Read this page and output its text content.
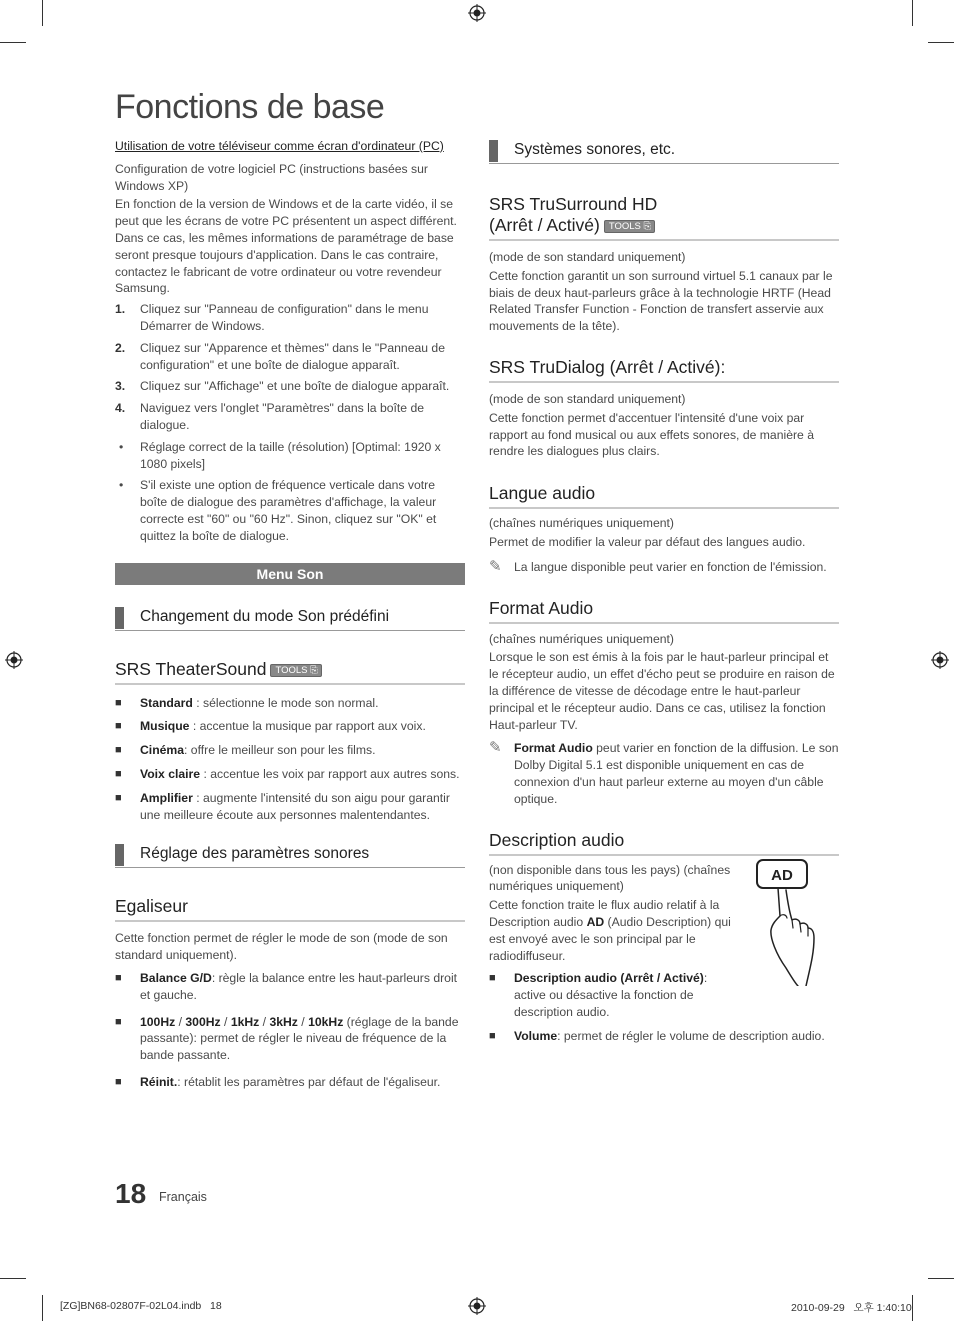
Fonctions de base
Utilisation de votre téléviseur comme écran d'ordinateur (PC)

Configuration de votre logiciel PC (instructions basées sur Windows XP)

En fonction de la version de Windows et de la carte vidéo, il se peut que les écrans de votre PC présentent un aspect différent. Dans ce cas, les mêmes informations de paramétrage de base seront presque toujours d'application. Dans le cas contraire, contactez le fabricant de votre ordinateur ou votre revendeur Samsung.

1.	Cliquez sur "Panneau de configuration" dans le menu Démarrer de Windows.
2.	Cliquez sur "Apparence et thèmes" dans le "Panneau de configuration" et une boîte de dialogue apparaît.
3.	Cliquez sur "Affichage" et une boîte de dialogue apparaît.
4.	Naviguez vers l'onglet "Paramètres" dans la boîte de dialogue.
•	Réglage correct de la taille (résolution) [Optimal: 1920 x 1080 pixels]
•	S'il existe une option de fréquence verticale dans votre boîte de dialogue des paramètres d'affichage, la valeur correcte est "60" ou "60 Hz". Sinon, cliquez sur "OK" et quittez la boîte de dialogue.
Menu Son
Changement du mode Son prédéfini
SRS TheaterSound TOOLS ⎘
■	Standard : sélectionne le mode son normal.
■	Musique : accentue la musique par rapport aux voix.
■	Cinéma: offre le meilleur son pour les films.
■	Voix claire : accentue les voix par rapport aux autres sons.
■	Amplifier : augmente l'intensité du son aigu pour garantir une meilleure écoute aux personnes malentendantes.
Réglage des paramètres sonores
Egaliseur

Cette fonction permet de régler le mode de son (mode de son standard uniquement).

■	Balance G/D: règle la balance entre les haut-parleurs droit et gauche.
■	100Hz / 300Hz / 1kHz / 3kHz / 10kHz (réglage de la bande passante): permet de régler le niveau de fréquence de la bande passante.
■	Réinit.: rétablit les paramètres par défaut de l'égaliseur.
Systèmes sonores, etc.
SRS TruSurround HD
(Arrêt / Activé) TOOLS ⎘

(mode de son standard uniquement)

Cette fonction garantit un son surround virtuel 5.1 canaux par le biais de deux haut-parleurs grâce à la technologie HRTF (Head Related Transfer Function - Fonction de transfert asservie aux mouvements de la tête).

SRS TruDialog (Arrêt / Activé):

(mode de son standard uniquement)

Cette fonction permet d'accentuer l'intensité d'une voix par rapport au fond musical ou aux effets sonores, de manière à rendre les dialogues plus clairs.

Langue audio

(chaînes numériques uniquement)

Permet de modifier la valeur par défaut des langues audio.

✎	La langue disponible peut varier en fonction de l'émission.
Format Audio

(chaînes numériques uniquement)

Lorsque le son est émis à la fois par le haut-parleur principal et le récepteur audio, un effet d'écho peut se produire en raison de la différence de vitesse de décodage entre le haut-parleur principal et le récepteur audio. Dans ce cas, utilisez la fonction Haut-parleur TV.

✎	Format Audio peut varier en fonction de la diffusion. Le son Dolby Digital 5.1 est disponible uniquement en cas de connexion d'un haut parleur externe au moyen d'un câble optique.
Description audio

(non disponible dans tous les pays) (chaînes numériques uniquement)

Cette fonction traite le flux audio relatif à la Description audio AD (Audio Description) qui est envoyé avec le son principal par le radiodiffuseur.

■	Description audio (Arrêt / Activé): active ou désactive la fonction de description audio.
■	Volume: permet de régler le volume de description audio.
AD
18 Français
[ZG]BN68-02807F-02L04.indb   18	2010-09-29   오후 1:40:10
